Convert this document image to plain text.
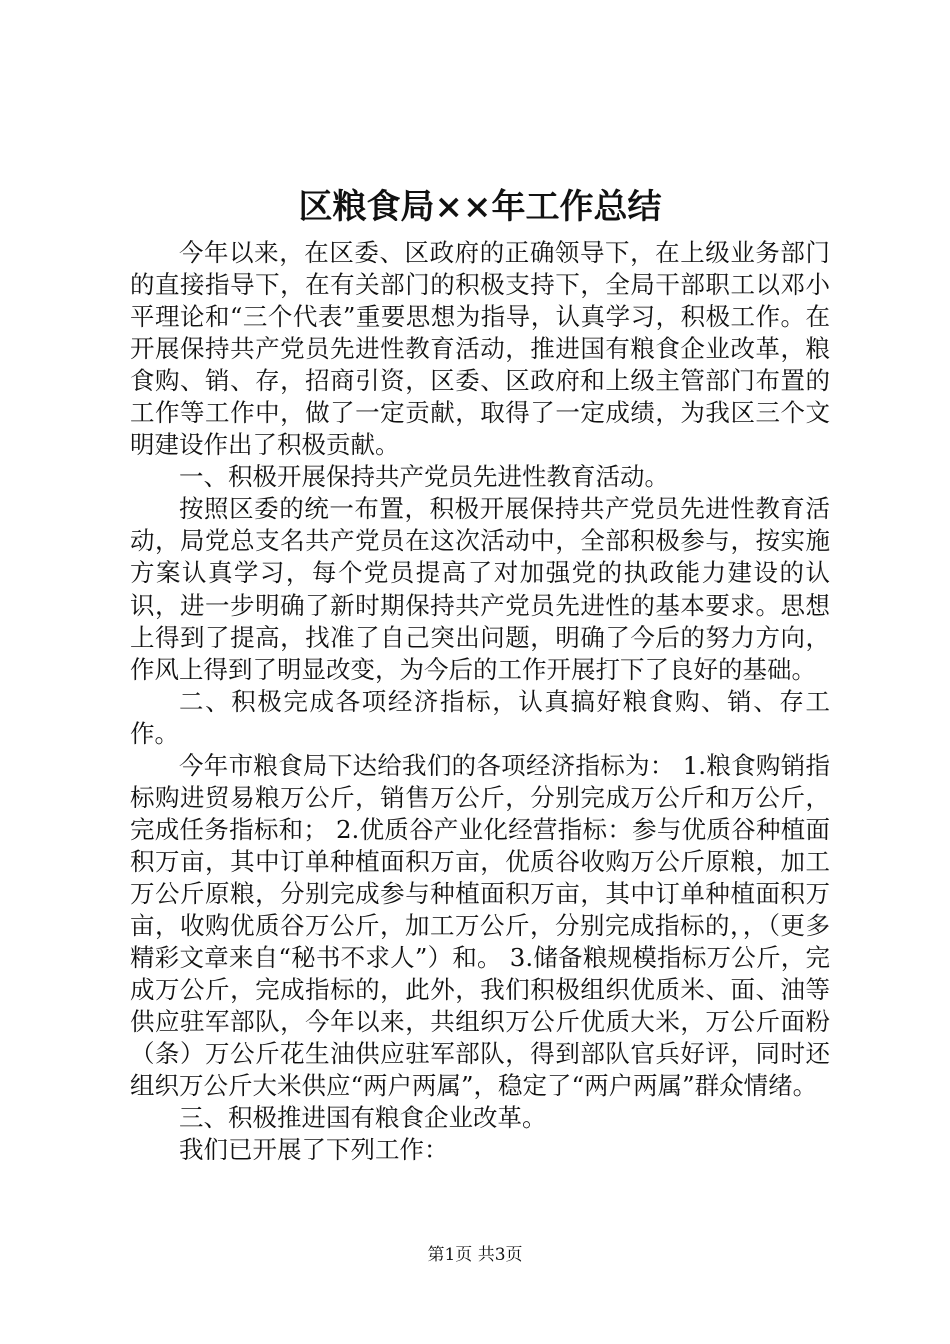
区粮食局××年工作总结

今年以来，在区委、区政府的正确领导下，在上级业务部门的直接指导下，在有关部门的积极支持下，全局干部职工以邓小平理论和“三个代表”重要思想为指导，认真学习，积极工作。在开展保持共产党员先进性教育活动，推进国有粮食企业改革，粮食购、销、存，招商引资，区委、区政府和上级主管部门布置的工作等工作中，做了一定贡献，取得了一定成绩，为我区三个文明建设作出了积极贡献。

一、积极开展保持共产党员先进性教育活动。

按照区委的统一布置，积极开展保持共产党员先进性教育活动，局党总支名共产党员在这次活动中，全部积极参与，按实施方案认真学习，每个党员提高了对加强党的执政能力建设的认识，进一步明确了新时期保持共产党员先进性的基本要求。思想上得到了提高，找准了自己突出问题，明确了今后的努力方向，作风上得到了明显改变，为今后的工作开展打下了良好的基础。

二、积极完成各项经济指标，认真搞好粮食购、销、存工作。

今年市粮食局下达给我们的各项经济指标为： 1.粮食购销指标购进贸易粮万公斤，销售万公斤，分别完成万公斤和万公斤，完成任务指标和； 2.优质谷产业化经营指标：参与优质谷种植面积万亩，其中订单种植面积万亩，优质谷收购万公斤原粮，加工万公斤原粮，分别完成参与种植面积万亩，其中订单种植面积万亩，收购优质谷万公斤，加工万公斤，分别完成指标的，，（更多精彩文章来自“秘书不求人”）和。 3.储备粮规模指标万公斤，完成万公斤，完成指标的，此外，我们积极组织优质米、面、油等供应驻军部队，今年以来，共组织万公斤优质大米，万公斤面粉（条）万公斤花生油供应驻军部队，得到部队官兵好评，同时还组织万公斤大米供应“两户两属”，稳定了“两户两属”群众情绪。

三、积极推进国有粮食企业改革。

我们已开展了下列工作：

第1页 共3页
